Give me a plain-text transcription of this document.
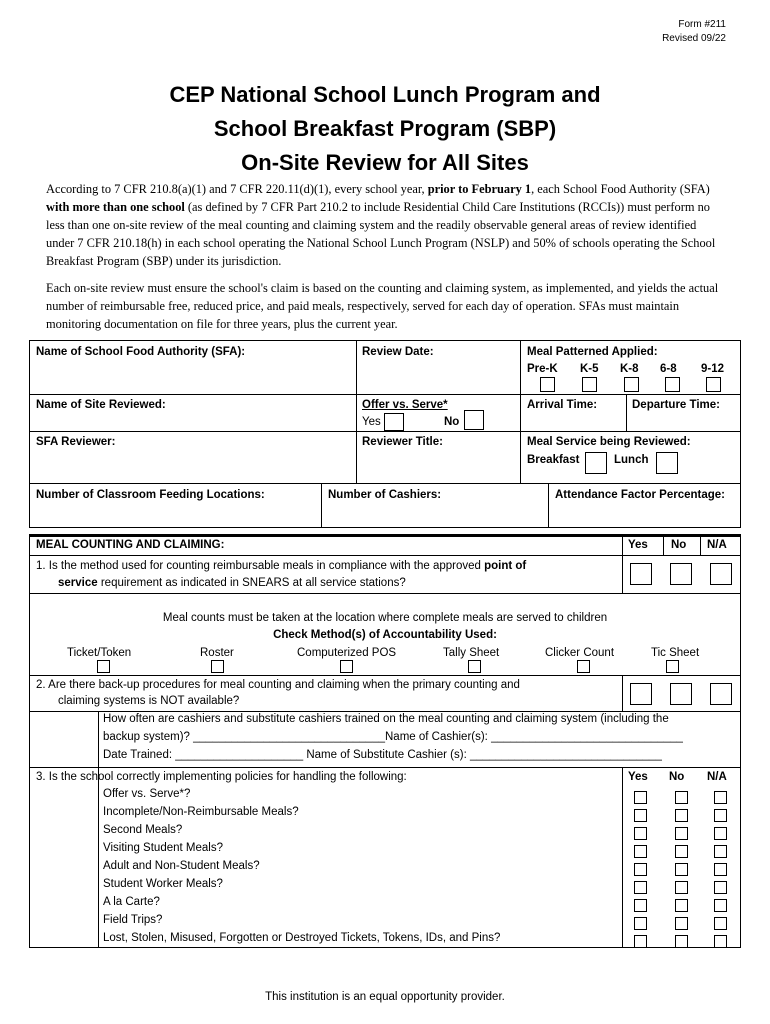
Form #211
Revised 09/22
CEP National School Lunch Program and
School Breakfast Program (SBP)
On-Site Review for All Sites
According to 7 CFR 210.8(a)(1) and 7 CFR 220.11(d)(1), every school year, prior to February 1, each School Food Authority (SFA) with more than one school (as defined by 7 CFR Part 210.2 to include Residential Child Care Institutions (RCCIs)) must perform no less than one on-site review of the meal counting and claiming system and the readily observable general areas of review identified under 7 CFR 210.18(h) in each school operating the National School Lunch Program (NSLP) and 50% of schools operating the School Breakfast Program (SBP) under its jurisdiction.
Each on-site review must ensure the school's claim is based on the counting and claiming system, as implemented, and yields the actual number of reimbursable free, reduced price, and paid meals, respectively, served for each day of operation. SFAs must maintain monitoring documentation on file for three years, plus the current year.
Name of School Food Authority (SFA):	Review Date:	Meal Patterned Applied:
Pre-K K-5 K-8 6-8 9-12
Name of Site Reviewed:	Offer vs. Serve*
Yes	No
Arrival Time:	Departure Time:
SFA Reviewer:	Reviewer Title:	Meal Service being Reviewed:
Breakfast	Lunch
Number of Classroom Feeding Locations:	Number of Cashiers:	Attendance Factor Percentage:
MEAL COUNTING AND CLAIMING:	Yes No N/A
1. Is the method used for counting reimbursable meals in compliance with the approved point of
service requirement as indicated in SNEARS at all service stations?
Meal counts must be taken at the location where complete meals are served to children
Check Method(s) of Accountability Used:
Ticket/Token	Roster	Computerized POS	Tally Sheet	Clicker Count	Tic Sheet
2. Are there back-up procedures for meal counting and claiming when the primary counting and
claiming systems is NOT available?
How often are cashiers and substitute cashiers trained on the meal counting and claiming system (including the
backup system)? ______________________________Name of Cashier(s): ______________________________
Date Trained: ____________________ Name of Substitute Cashier (s): ______________________________
3. Is the school correctly implementing policies for handling the following:	Yes No N/A
Offer vs. Serve*?
Incomplete/Non-Reimbursable Meals?
Second Meals?
Visiting Student Meals?
Adult and Non-Student Meals?
Student Worker Meals?
A la Carte?
Field Trips?
Lost, Stolen, Misused, Forgotten or Destroyed Tickets, Tokens, IDs, and Pins?
This institution is an equal opportunity provider.
